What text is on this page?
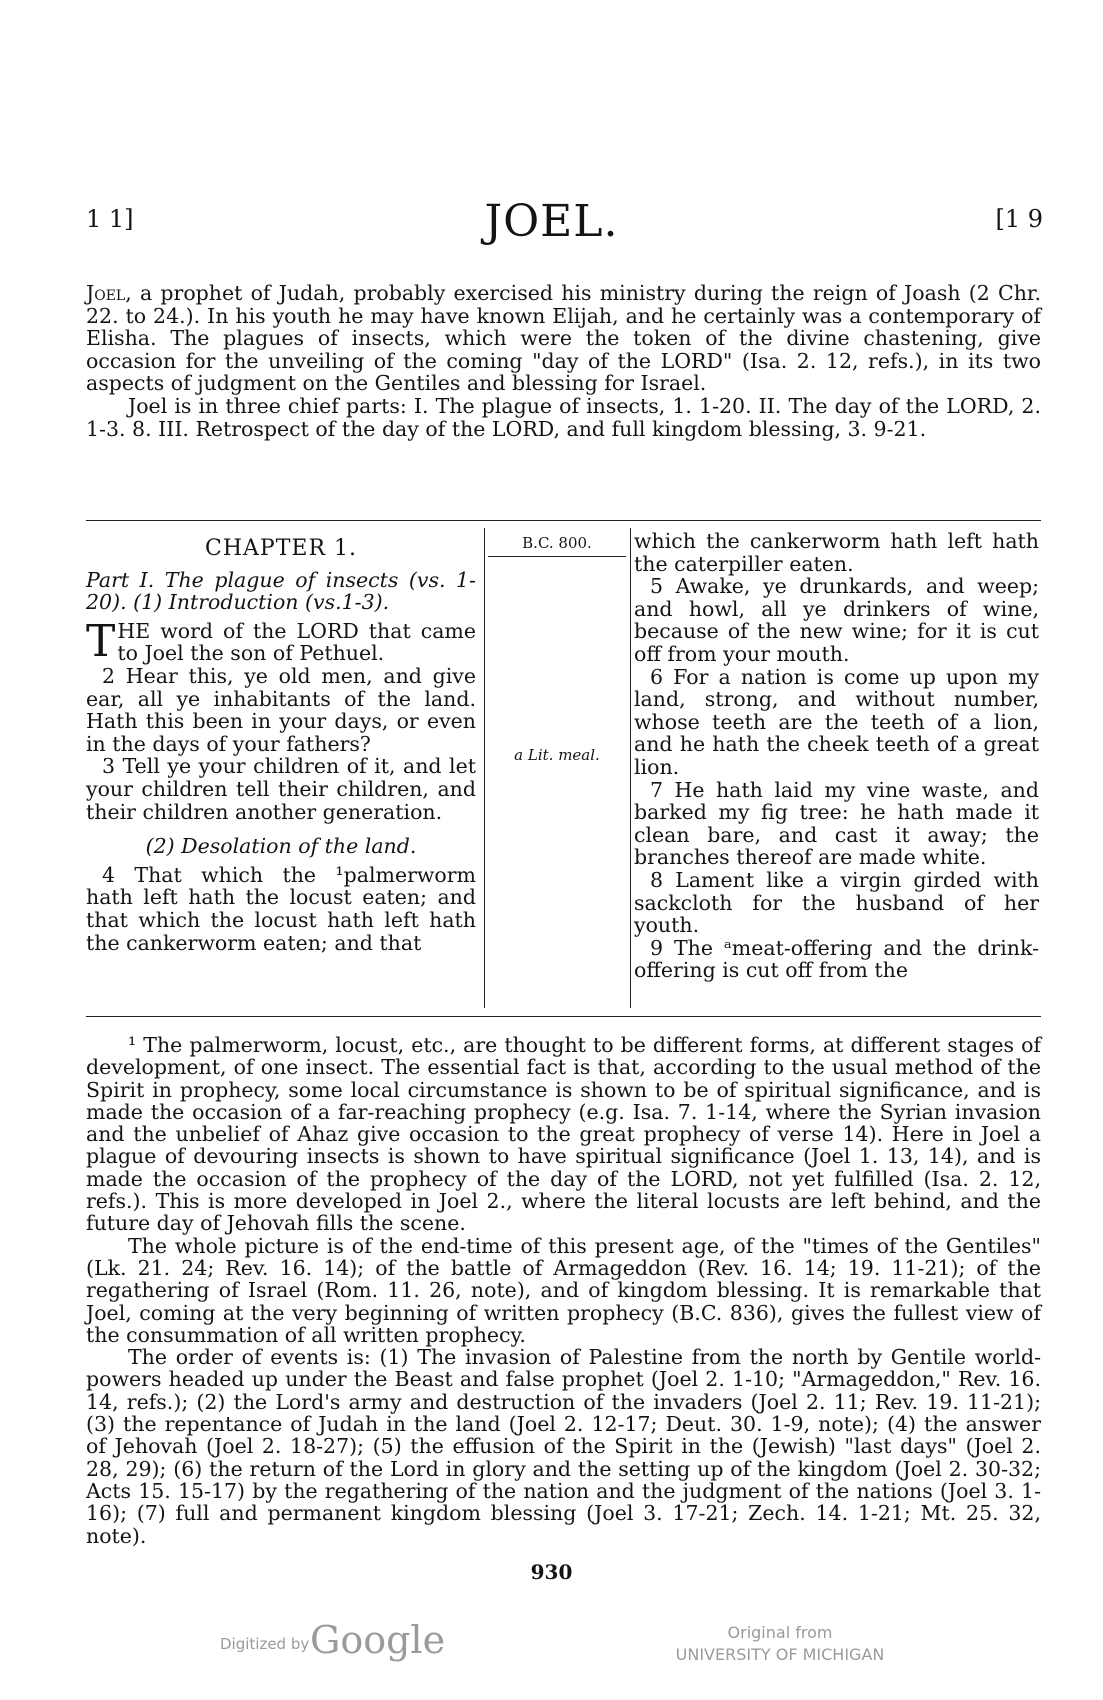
1 1]	JOEL.	[1 9

Joel, a prophet of Judah, probably exercised his ministry during the reign of Joash (2 Chr. 22. to 24.). In his youth he may have known Elijah, and he certainly was a contemporary of Elisha. The plagues of insects, which were the token of the divine chastening, give occasion for the unveiling of the coming "day of the LORD" (Isa. 2. 12, refs.), in its two aspects of judgment on the Gentiles and blessing for Israel.

Joel is in three chief parts: I. The plague of insects, 1. 1-20. II. The day of the LORD, 2. 1-3. 8. III. Retrospect of the day of the LORD, and full kingdom blessing, 3. 9-21.

CHAPTER 1.

Part I. The plague of insects (vs. 1-20). (1) Introduction (vs.1-3).

THE word of the LORD that came to Joel the son of Pethuel.

2 Hear this, ye old men, and give ear, all ye inhabitants of the land. Hath this been in your days, or even in the days of your fathers?

3 Tell ye your children of it, and let your children tell their children, and their children another generation.

(2) Desolation of the land.

4 That which the ¹palmerworm hath left hath the locust eaten; and that which the locust hath left hath the cankerworm eaten; and that

B.C. 800.
a Lit. meal.

which the cankerworm hath left hath the caterpiller eaten.

5 Awake, ye drunkards, and weep; and howl, all ye drinkers of wine, because of the new wine; for it is cut off from your mouth.

6 For a nation is come up upon my land, strong, and without number, whose teeth are the teeth of a lion, and he hath the cheek teeth of a great lion.

7 He hath laid my vine waste, and barked my fig tree: he hath made it clean bare, and cast it away; the branches thereof are made white.

8 Lament like a virgin girded with sackcloth for the husband of her youth.

9 The ᵃmeat-offering and the drink-offering is cut off from the

¹ The palmerworm, locust, etc., are thought to be different forms, at different stages of development, of one insect. The essential fact is that, according to the usual method of the Spirit in prophecy, some local circumstance is shown to be of spiritual significance, and is made the occasion of a far-reaching prophecy (e.g. Isa. 7. 1-14, where the Syrian invasion and the unbelief of Ahaz give occasion to the great prophecy of verse 14). Here in Joel a plague of devouring insects is shown to have spiritual significance (Joel 1. 13, 14), and is made the occasion of the prophecy of the day of the LORD, not yet fulfilled (Isa. 2. 12, refs.). This is more developed in Joel 2., where the literal locusts are left behind, and the future day of Jehovah fills the scene.

The whole picture is of the end-time of this present age, of the "times of the Gentiles" (Lk. 21. 24; Rev. 16. 14); of the battle of Armageddon (Rev. 16. 14; 19. 11-21); of the regathering of Israel (Rom. 11. 26, note), and of kingdom blessing. It is remarkable that Joel, coming at the very beginning of written prophecy (B.C. 836), gives the fullest view of the consummation of all written prophecy.

The order of events is: (1) The invasion of Palestine from the north by Gentile world-powers headed up under the Beast and false prophet (Joel 2. 1-10; "Armageddon," Rev. 16. 14, refs.); (2) the Lord's army and destruction of the invaders (Joel 2. 11; Rev. 19. 11-21); (3) the repentance of Judah in the land (Joel 2. 12-17; Deut. 30. 1-9, note); (4) the answer of Jehovah (Joel 2. 18-27); (5) the effusion of the Spirit in the (Jewish) "last days" (Joel 2. 28, 29); (6) the return of the Lord in glory and the setting up of the kingdom (Joel 2. 30-32; Acts 15. 15-17) by the regathering of the nation and the judgment of the nations (Joel 3. 1-16); (7) full and permanent kingdom blessing (Joel 3. 17-21; Zech. 14. 1-21; Mt. 25. 32, note).

930
Digitized by Google	Original from
UNIVERSITY OF MICHIGAN
